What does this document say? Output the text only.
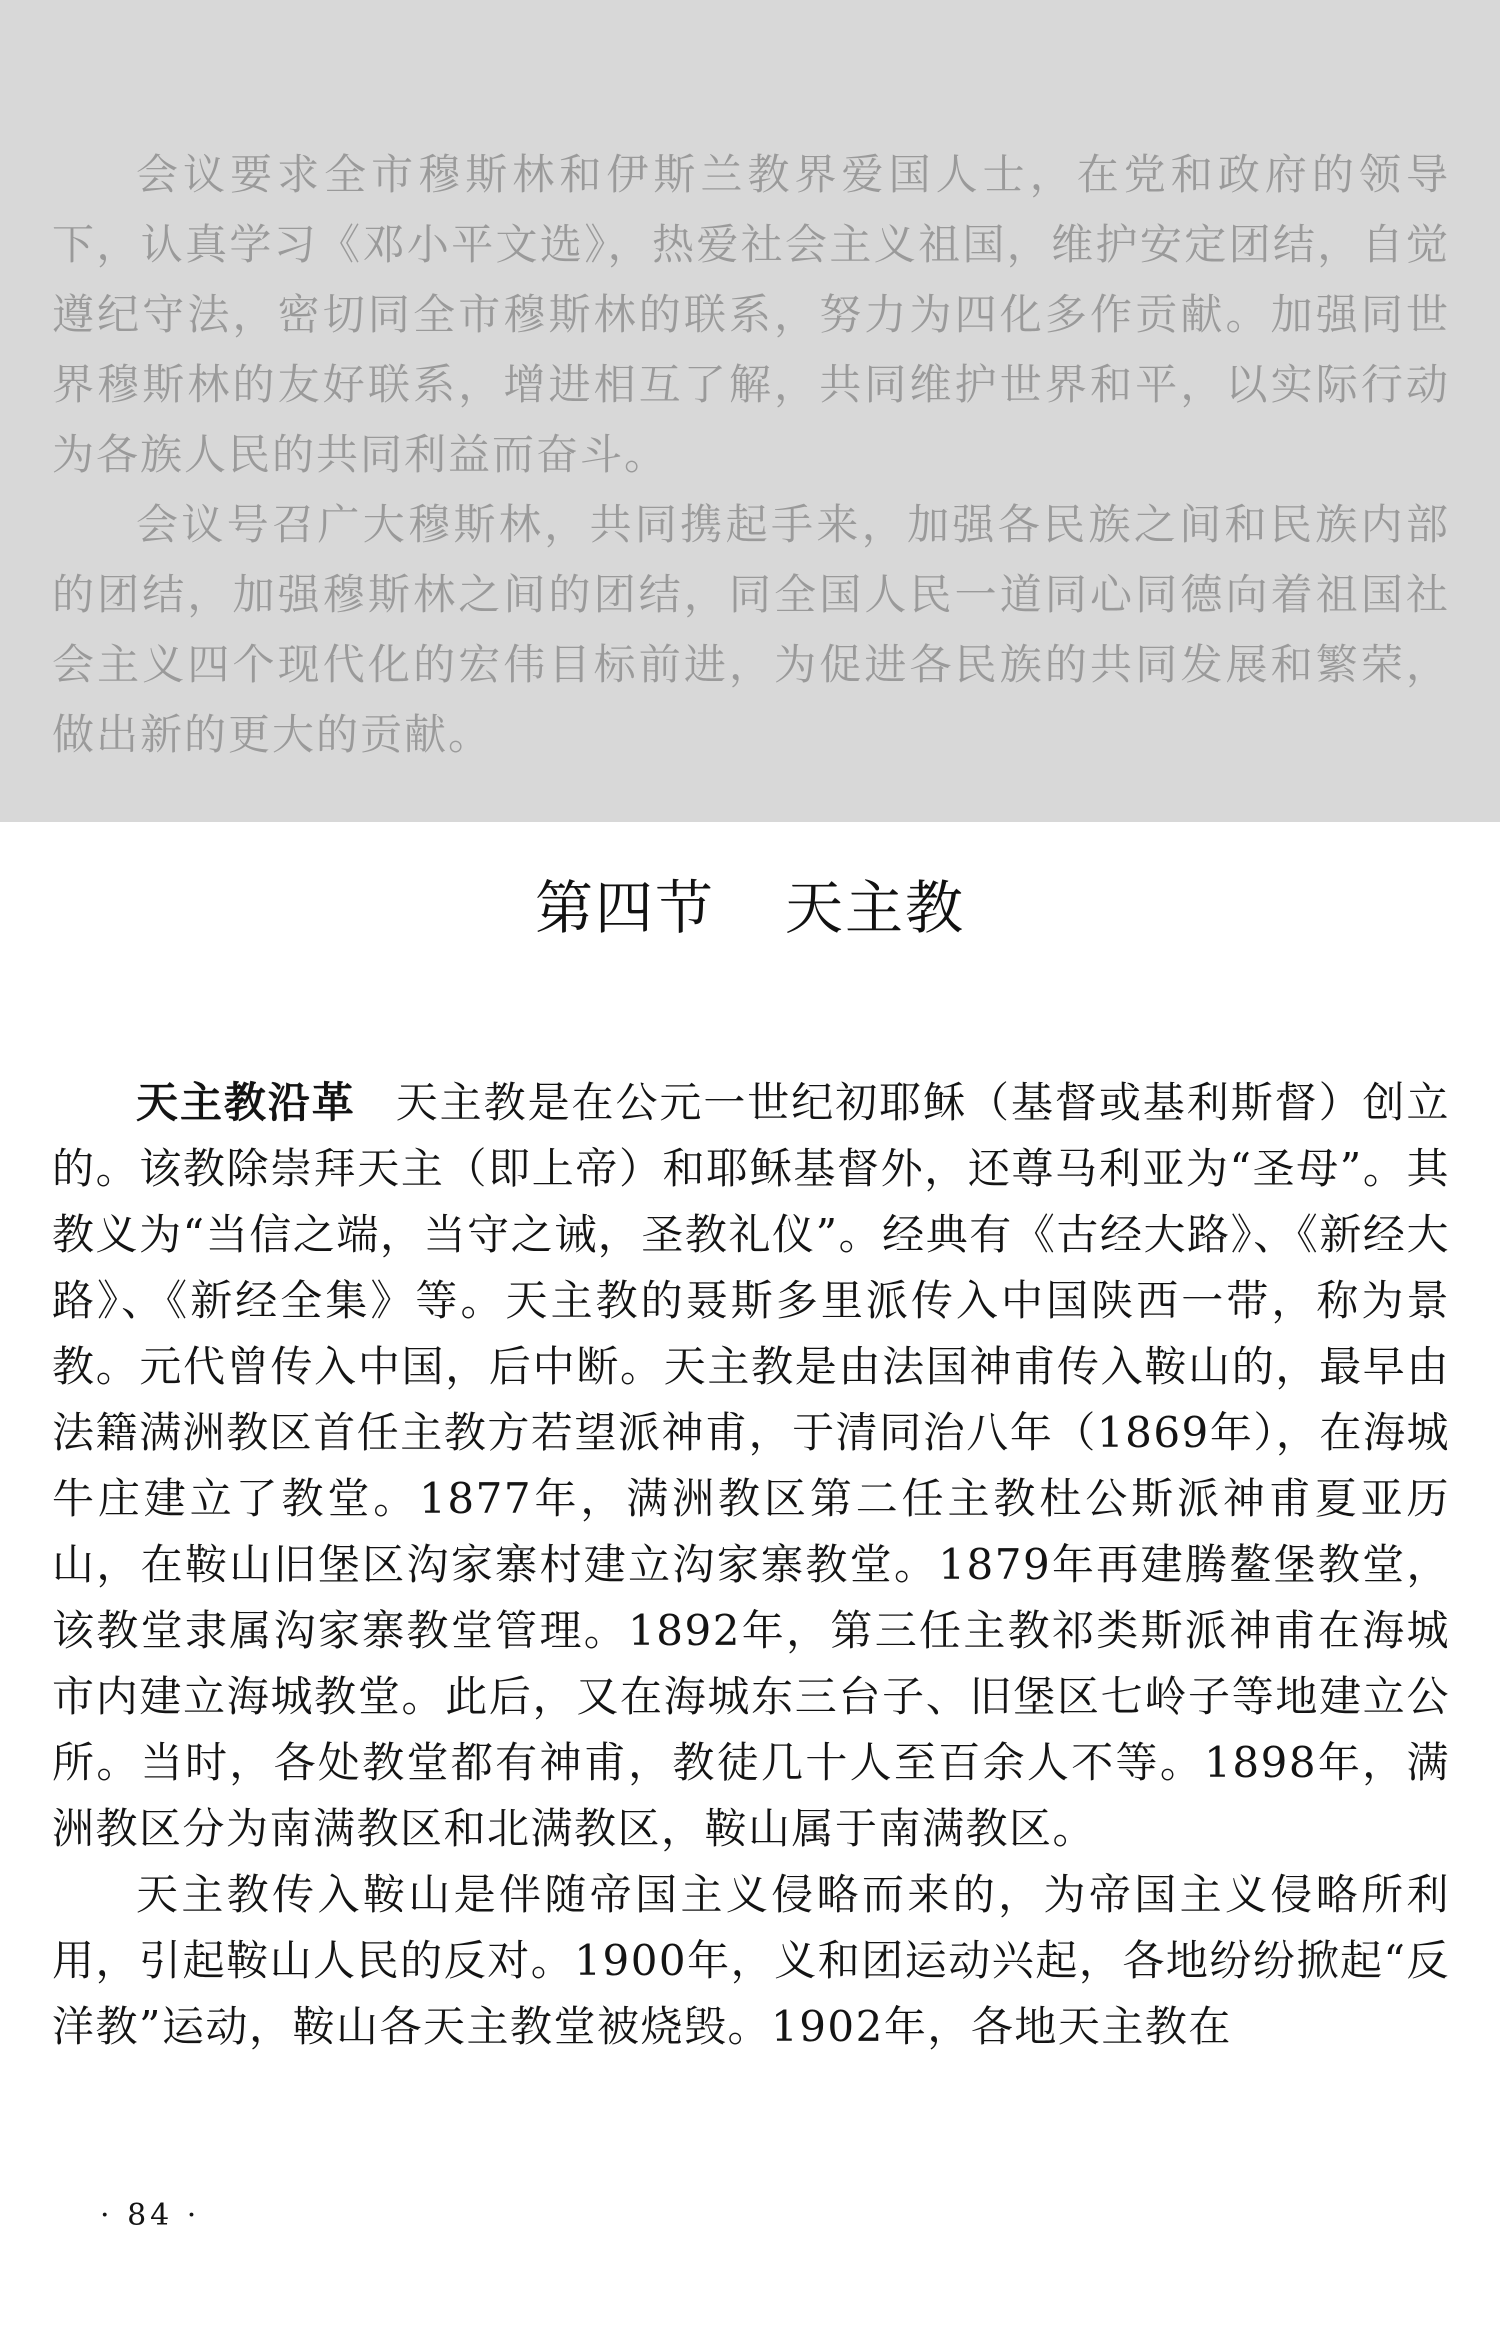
会议要求全市穆斯林和伊斯兰教界爱国人士，在党和政府的领导下，认真学习《邓小平文选》，热爱社会主义祖国，维护安定团结，自觉遵纪守法，密切同全市穆斯林的联系，努力为四化多作贡献。加强同世界穆斯林的友好联系，增进相互了解，共同维护世界和平，以实际行动为各族人民的共同利益而奋斗。

会议号召广大穆斯林，共同携起手来，加强各民族之间和民族内部的团结，加强穆斯林之间的团结，同全国人民一道同心同德向着祖国社会主义四个现代化的宏伟目标前进，为促进各民族的共同发展和繁荣，做出新的更大的贡献。

第四节 天主教

天主教沿革 天主教是在公元一世纪初耶稣（基督或基利斯督）创立的。该教除崇拜天主（即上帝）和耶稣基督外，还尊马利亚为“圣母”。其教义为“当信之端，当守之诫，圣教礼仪”。经典有《古经大路》、《新经大路》、《新经全集》等。天主教的聂斯多里派传入中国陕西一带，称为景教。元代曾传入中国，后中断。天主教是由法国神甫传入鞍山的，最早由法籍满洲教区首任主教方若望派神甫，于清同治八年（1869年），在海城牛庄建立了教堂。1877年，满洲教区第二任主教杜公斯派神甫夏亚历山，在鞍山旧堡区沟家寨村建立沟家寨教堂。1879年再建腾鳌堡教堂，该教堂隶属沟家寨教堂管理。1892年，第三任主教祁类斯派神甫在海城市内建立海城教堂。此后，又在海城东三台子、旧堡区七岭子等地建立公所。当时，各处教堂都有神甫，教徒几十人至百余人不等。1898年，满洲教区分为南满教区和北满教区，鞍山属于南满教区。

天主教传入鞍山是伴随帝国主义侵略而来的，为帝国主义侵略所利用，引起鞍山人民的反对。1900年，义和团运动兴起，各地纷纷掀起“反洋教”运动，鞍山各天主教堂被烧毁。1902年，各地天主教在

· 84 ·
